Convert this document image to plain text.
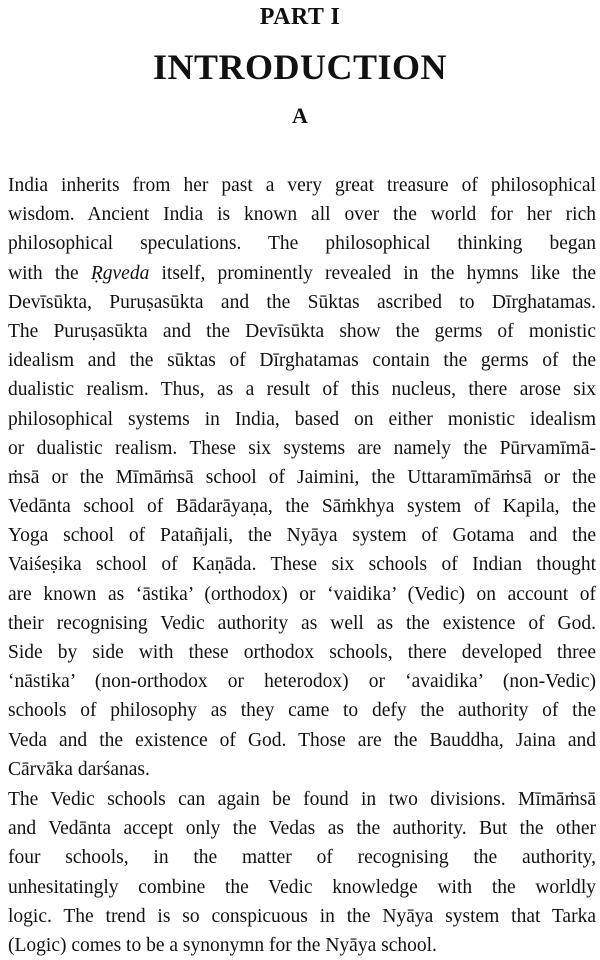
PART I
INTRODUCTION
A
India inherits from her past a very great treasure of philosophical
wisdom. Ancient India is known all over the world for her rich
philosophical speculations. The philosophical thinking began
with the Ṛgveda itself, prominently revealed in the hymns like the
Devīsūkta, Puruṣasūkta and the Sūktas ascribed to Dīrghatamas.
The Puruṣasūkta and the Devīsūkta show the germs of monistic
idealism and the sūktas of Dīrghatamas contain the germs of the
dualistic realism. Thus, as a result of this nucleus, there arose six
philosophical systems in India, based on either monistic idealism
or dualistic realism. These six systems are namely the Pūrvamīmā-
ṁsā or the Mīmāṁsā school of Jaimini, the Uttaramīmāṁsā or the
Vedānta school of Bādarāyaṇa, the Sāṁkhya system of Kapila, the
Yoga school of Patañjali, the Nyāya system of Gotama and the
Vaiśeṣika school of Kaṇāda. These six schools of Indian thought
are known as ‘āstika’ (orthodox) or ‘vaidika’ (Vedic) on account of
their recognising Vedic authority as well as the existence of God.
Side by side with these orthodox schools, there developed three
‘nāstika’ (non-orthodox or heterodox) or ‘avaidika’ (non-Vedic)
schools of philosophy as they came to defy the authority of the
Veda and the existence of God. Those are the Bauddha, Jaina and
Cārvāka darśanas.
The Vedic schools can again be found in two divisions. Mīmāṁsā
and Vedānta accept only the Vedas as the authority. But the other
four schools, in the matter of recognising the authority,
unhesitatingly combine the Vedic knowledge with the worldly
logic. The trend is so conspicuous in the Nyāya system that Tarka
(Logic) comes to be a synonymn for the Nyāya school.
